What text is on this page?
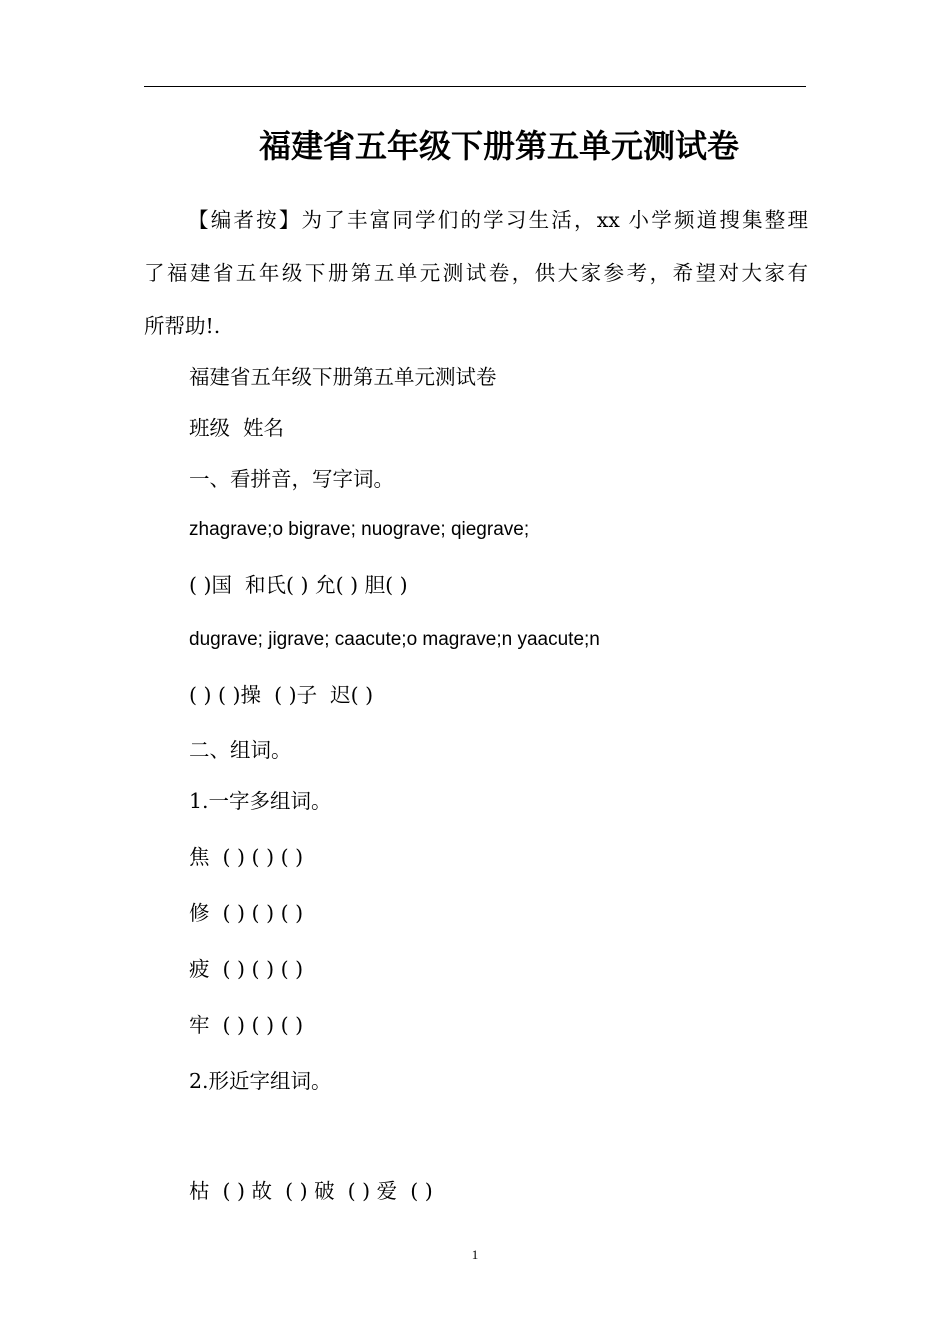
福建省五年级下册第五单元测试卷
【编者按】为了丰富同学们的学习生活，xx 小学频道搜集整理
了福建省五年级下册第五单元测试卷，供大家参考，希望对大家有
所帮助!.
福建省五年级下册第五单元测试卷
班级  姓名
一、看拼音，写字词。
zhagrave;o bigrave; nuograve; qiegrave;
( )国  和氏( ) 允( ) 胆( )
dugrave; jigrave; caacute;o magrave;n yaacute;n
( ) ( )操  ( )子  迟( )
二、组词。
1.一字多组词。
焦  ( ) ( ) ( )
修  ( ) ( ) ( )
疲  ( ) ( ) ( )
牢  ( ) ( ) ( )
2.形近字组词。
枯  ( ) 故  ( ) 破  ( ) 爱  ( )
1
